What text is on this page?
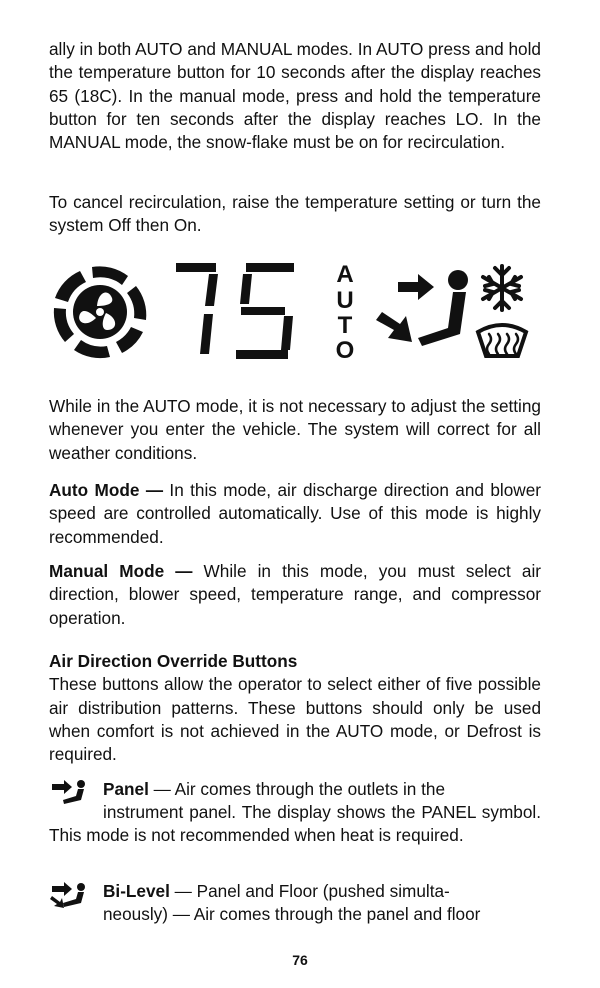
ally in both AUTO and MANUAL modes. In AUTO press and hold the temperature button for 10 seconds after the display reaches 65 (18C). In the manual mode, press and hold the temperature button for ten seconds after the display reaches LO. In the MANUAL mode, the snow-flake must be on for recirculation.

To cancel recirculation, raise the temperature setting or turn the system Off then On.

A
U
T
O

While in the AUTO mode, it is not necessary to adjust the setting whenever you enter the vehicle. The system will correct for all weather conditions.

Auto Mode — In this mode, air discharge direction and blower speed are controlled automatically. Use of this mode is highly recommended.

Manual Mode — While in this mode, you must select air direction, blower speed, temperature range, and compressor operation.

Air Direction Override Buttons
These buttons allow the operator to select either of five possible air distribution patterns. These buttons should only be used when comfort is not achieved in the AUTO mode, or Defrost is required.

Panel — Air comes through the outlets in the

instrument panel. The display shows the PANEL symbol. This mode is not recommended when heat is required.

Bi-Level — Panel and Floor (pushed simulta-

neously) — Air comes through the panel and floor

76
